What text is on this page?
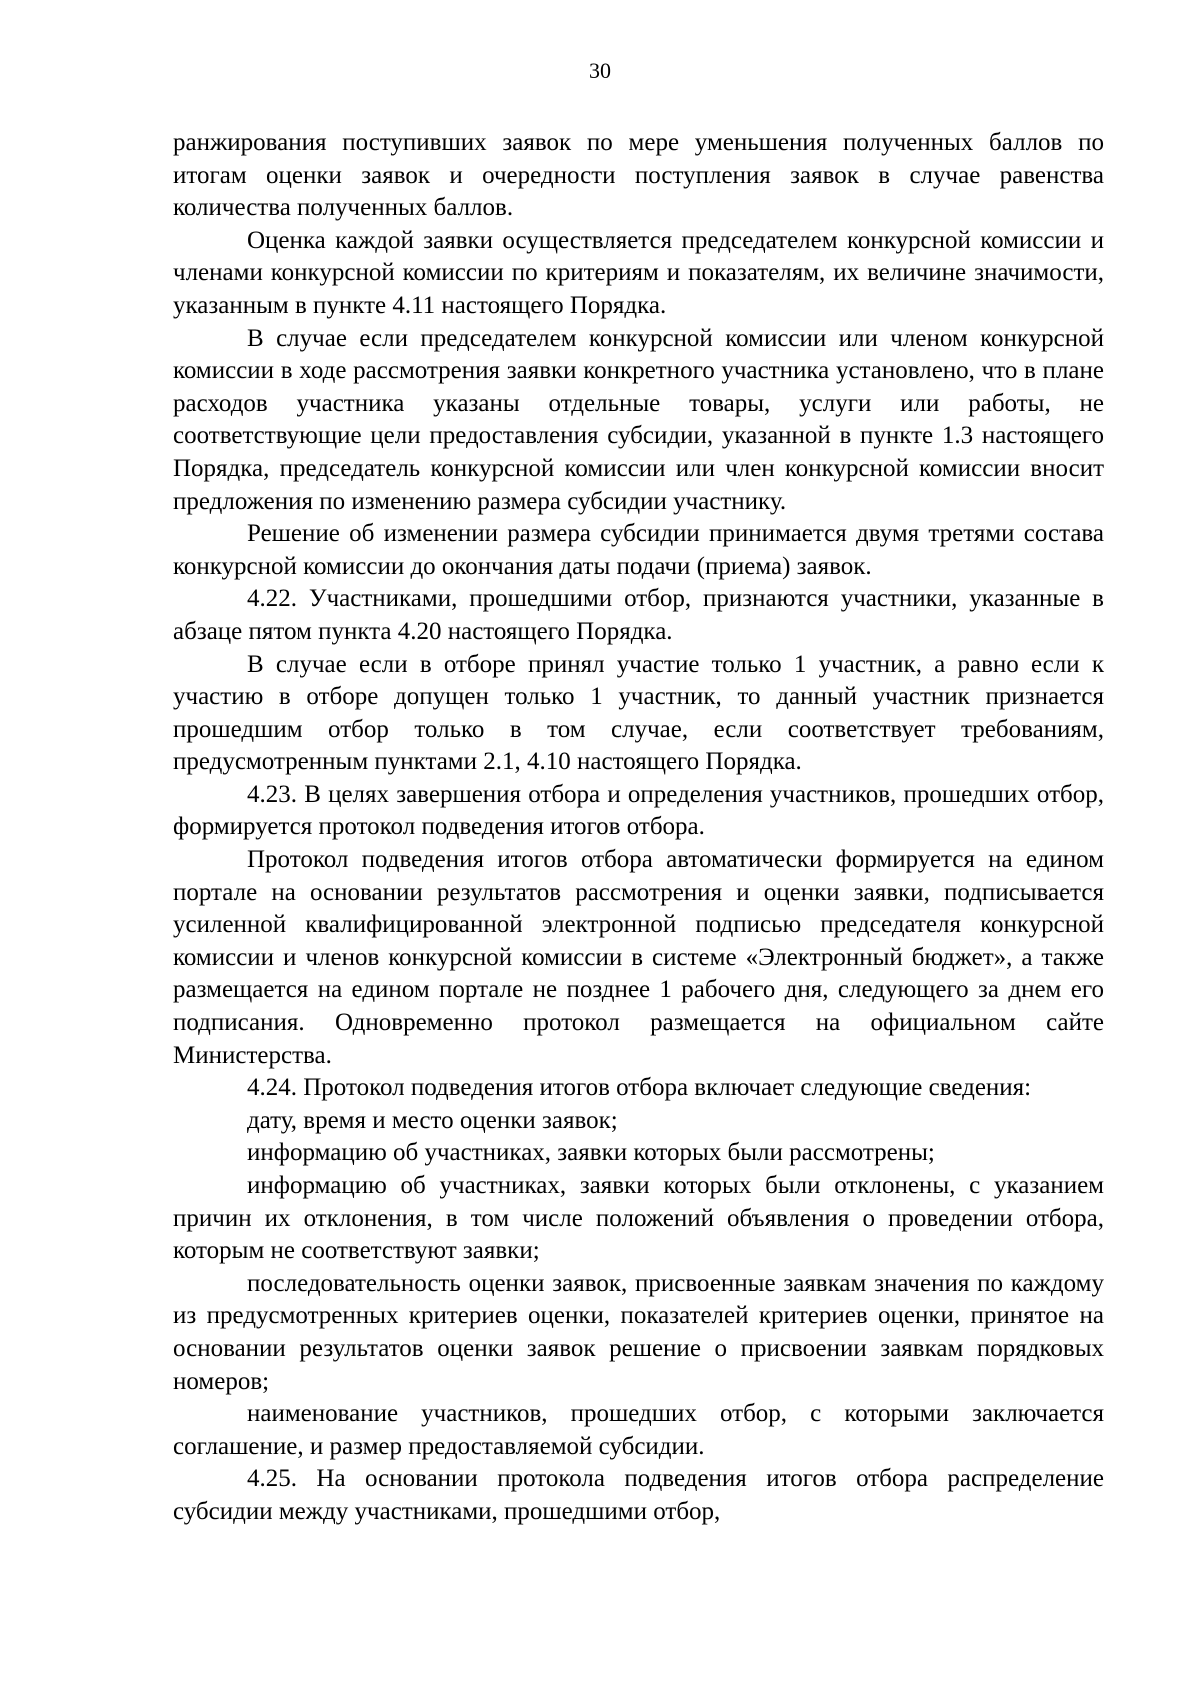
30

ранжирования поступивших заявок по мере уменьшения полученных баллов по итогам оценки заявок и очередности поступления заявок в случае равенства количества полученных баллов.

Оценка каждой заявки осуществляется председателем конкурсной комиссии и членами конкурсной комиссии по критериям и показателям, их величине значимости, указанным в пункте 4.11 настоящего Порядка.

В случае если председателем конкурсной комиссии или членом конкурсной комиссии в ходе рассмотрения заявки конкретного участника установлено, что в плане расходов участника указаны отдельные товары, услуги или работы, не соответствующие цели предоставления субсидии, указанной в пункте 1.3 настоящего Порядка, председатель конкурсной комиссии или член конкурсной комиссии вносит предложения по изменению размера субсидии участнику.

Решение об изменении размера субсидии принимается двумя третями состава конкурсной комиссии до окончания даты подачи (приема) заявок.

4.22. Участниками, прошедшими отбор, признаются участники, указанные в абзаце пятом пункта 4.20 настоящего Порядка.

В случае если в отборе принял участие только 1 участник, а равно если к участию в отборе допущен только 1 участник, то данный участник признается прошедшим отбор только в том случае, если соответствует требованиям, предусмотренным пунктами 2.1, 4.10 настоящего Порядка.

4.23. В целях завершения отбора и определения участников, прошедших отбор, формируется протокол подведения итогов отбора.

Протокол подведения итогов отбора автоматически формируется на едином портале на основании результатов рассмотрения и оценки заявки, подписывается усиленной квалифицированной электронной подписью председателя конкурсной комиссии и членов конкурсной комиссии в системе «Электронный бюджет», а также размещается на едином портале не позднее 1 рабочего дня, следующего за днем его подписания. Одновременно протокол размещается на официальном сайте Министерства.

4.24. Протокол подведения итогов отбора включает следующие сведения:

дату, время и место оценки заявок;

информацию об участниках, заявки которых были рассмотрены;

информацию об участниках, заявки которых были отклонены, с указанием причин их отклонения, в том числе положений объявления о проведении отбора, которым не соответствуют заявки;

последовательность оценки заявок, присвоенные заявкам значения по каждому из предусмотренных критериев оценки, показателей критериев оценки, принятое на основании результатов оценки заявок решение о присвоении заявкам порядковых номеров;

наименование участников, прошедших отбор, с которыми заключается соглашение, и размер предоставляемой субсидии.

4.25. На основании протокола подведения итогов отбора распределение субсидии между участниками, прошедшими отбор,
